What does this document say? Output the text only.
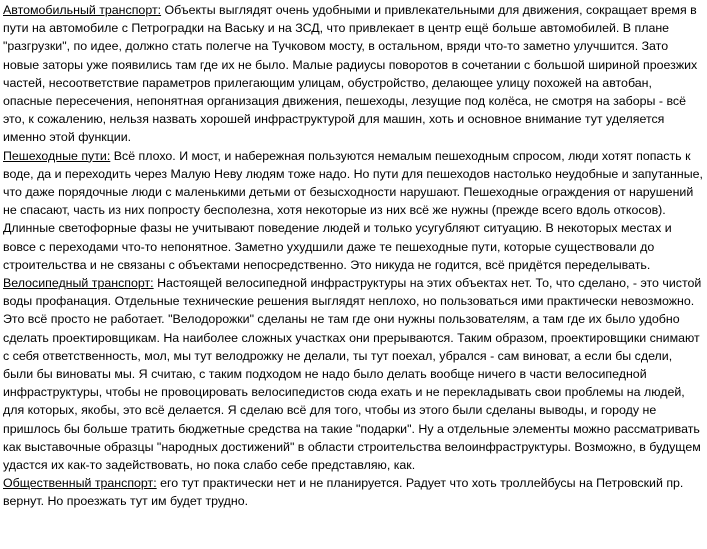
Автомобильный транспорт: Объекты выглядят очень удобными и привлекательными для движения, сокращает время в пути на автомобиле с Петроградки на Ваську и на ЗСД, что привлекает в центр ещё больше автомобилей. В плане "разгрузки", по идее, должно стать полегче на Тучковом мосту, в остальном, вряди что-то заметно улучшится. Зато новые заторы уже появились там где их не было. Малые радиусы поворотов в сочетании с большой шириной проезжих частей, несоответствие параметров прилегающим улицам, обустройство, делающее улицу похожей на автобан, опасные пересечения, непонятная организация движения, пешеходы, лезущие под колёса, не смотря на заборы - всё это, к сожалению, нельзя назвать хорошей инфраструктурой для машин, хоть и основное внимание тут уделяется именно этой функции.

Пешеходные пути: Всё плохо. И мост, и набережная пользуются немалым пешеходным спросом, люди хотят попасть к воде, да и переходить через Малую Неву людям тоже надо. Но пути для пешеходов настолько неудобные и запутанные, что даже порядочные люди с маленькими детьми от безысходности нарушают. Пешеходные ограждения от нарушений не спасают, часть из них попросту бесполезна, хотя некоторые из них всё же нужны (прежде всего вдоль откосов). Длинные светофорные фазы не учитывают поведение людей и только усугубляют ситуацию. В некоторых местах и вовсе с переходами что-то непонятное. Заметно ухудшили даже те пешеходные пути, которые существовали до строительства и не связаны с объектами непосредственно. Это никуда не годится, всё придётся переделывать.

Велосипедный транспорт: Настоящей велосипедной инфраструктуры на этих объектах нет. То, что сделано, - это чистой воды профанация. Отдельные технические решения выглядят неплохо, но пользоваться ими практически невозможно. Это всё просто не работает. "Велодорожки" сделаны не там где они нужны пользователям, а там где их было удобно сделать проектировщикам. На наиболее сложных участках они прерываются. Таким образом, проектировщики снимают с себя ответственность, мол, мы тут велодрожку не делали, ты тут поехал, убрался - сам виноват, а если бы сдели, были бы виноваты мы. Я считаю, с таким подходом не надо было делать вообще ничего в части велосипедной инфраструктуры, чтобы не провоцировать велосипедистов сюда ехать и не перекладывать свои проблемы на людей, для которых, якобы, это всё делается. Я сделаю всё для того, чтобы из этого были сделаны выводы, и городу не пришлось бы больше тратить бюджетные средства на такие "подарки". Ну а отдельные элементы можно рассматривать как выставочные образцы "народных достижений" в области строительства велоинфраструктуры. Возможно, в будущем удастся их как-то задействовать, но пока слабо себе представляю, как.

Общественный транспорт: его тут практически нет и не планируется. Радует что хоть троллейбусы на Петровский пр. вернут. Но проезжать тут им будет трудно.
